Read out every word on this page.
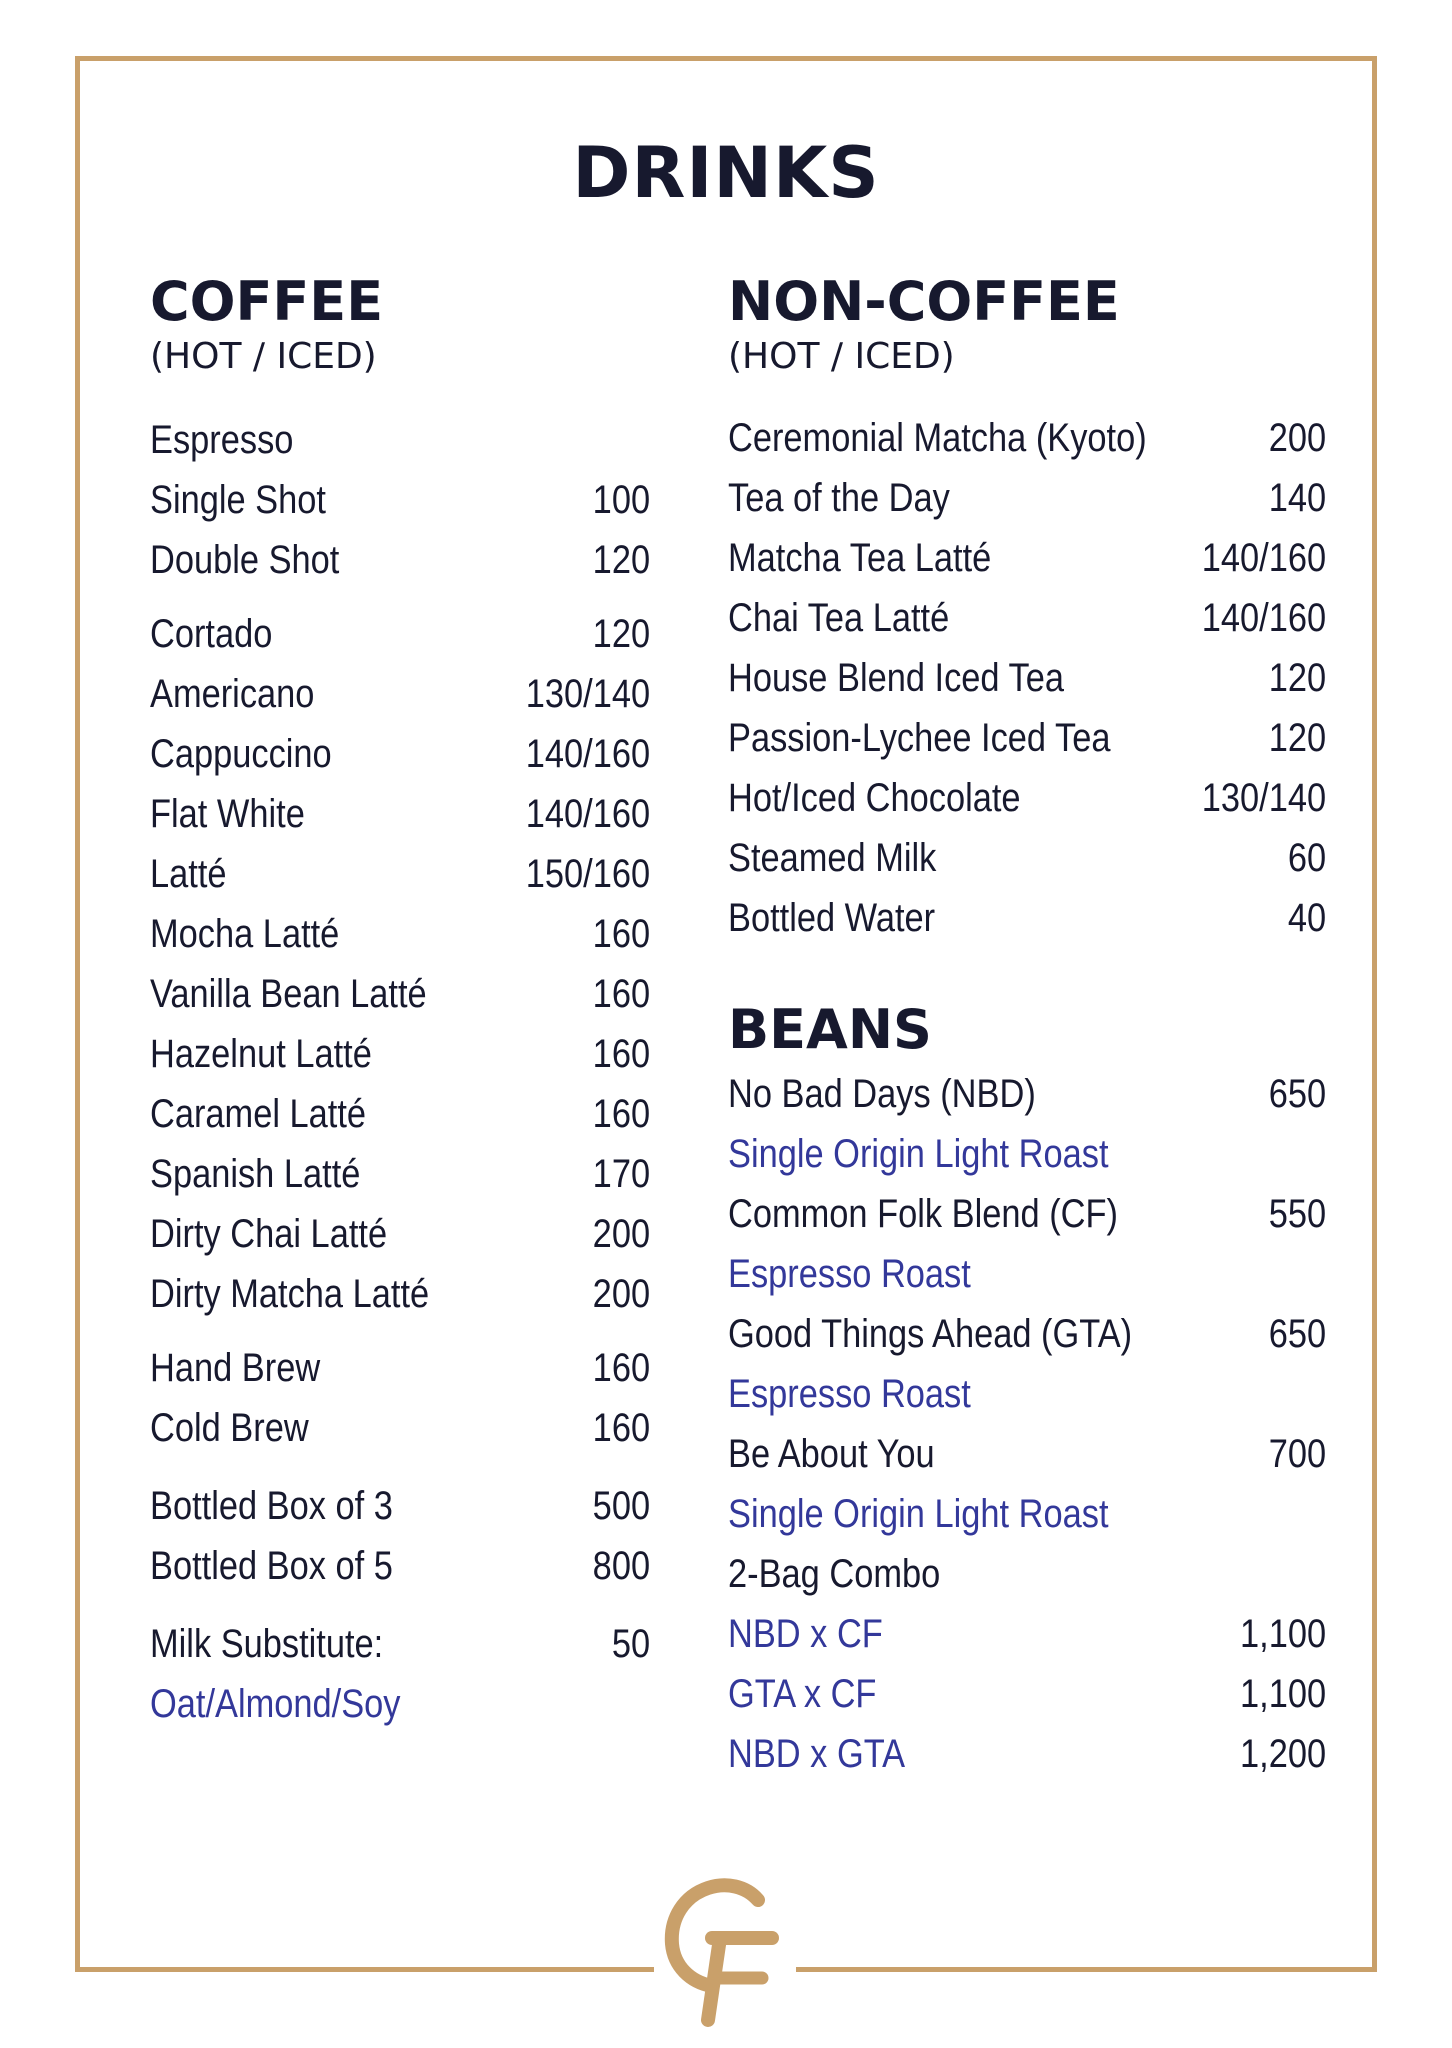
DRINKS
COFFEE

(HOT / ICED)

Espresso
Single Shot	100
Double Shot	120
Cortado	120
Americano	130/140
Cappuccino	140/160
Flat White	140/160
Latté	150/160
Mocha Latté	160
Vanilla Bean Latté	160
Hazelnut Latté	160
Caramel Latté	160
Spanish Latté	170
Dirty Chai Latté	200
Dirty Matcha Latté	200
Hand Brew	160
Cold Brew	160
Bottled Box of 3	500
Bottled Box of 5	800
Milk Substitute:	50
Oat/Almond/Soy
NON-COFFEE

(HOT / ICED)

Ceremonial Matcha (Kyoto)	200
Tea of the Day	140
Matcha Tea Latté	140/160
Chai Tea Latté	140/160
House Blend Iced Tea	120
Passion-Lychee Iced Tea	120
Hot/Iced Chocolate	130/140
Steamed Milk	60
Bottled Water	40
BEANS
No Bad Days (NBD)	650
Single Origin Light Roast
Common Folk Blend (CF)	550
Espresso Roast
Good Things Ahead (GTA)	650
Espresso Roast
Be About You	700
Single Origin Light Roast
2-Bag Combo
NBD x CF	1,100
GTA x CF	1,100
NBD x GTA	1,200
